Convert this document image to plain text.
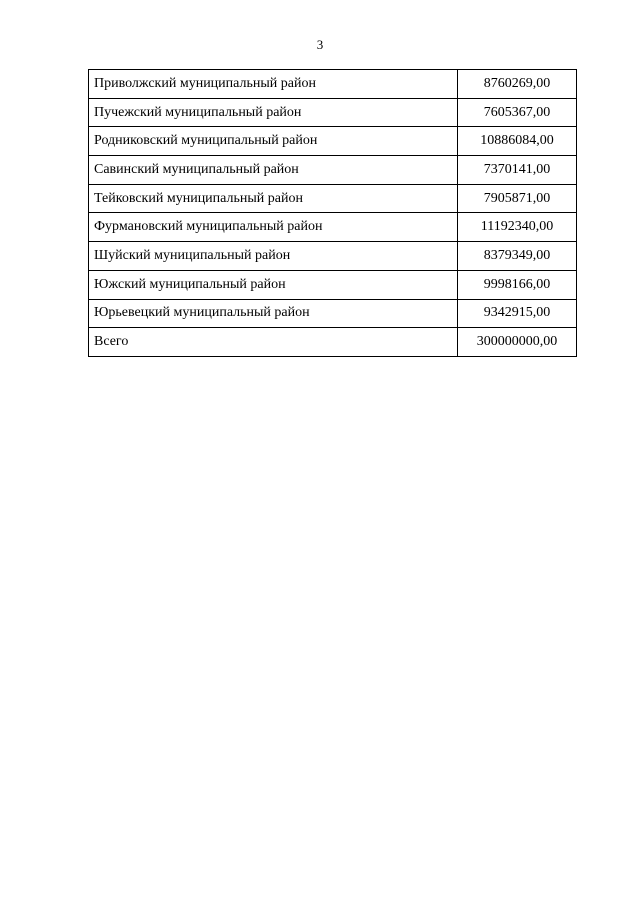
3
Приволжский муниципальный район	8760269,00
Пучежский муниципальный район	7605367,00
Родниковский муниципальный район	10886084,00
Савинский муниципальный район	7370141,00
Тейковский муниципальный район	7905871,00
Фурмановский муниципальный район	11192340,00
Шуйский муниципальный район	8379349,00
Южский муниципальный район	9998166,00
Юрьевецкий муниципальный район	9342915,00
Всего	300000000,00
